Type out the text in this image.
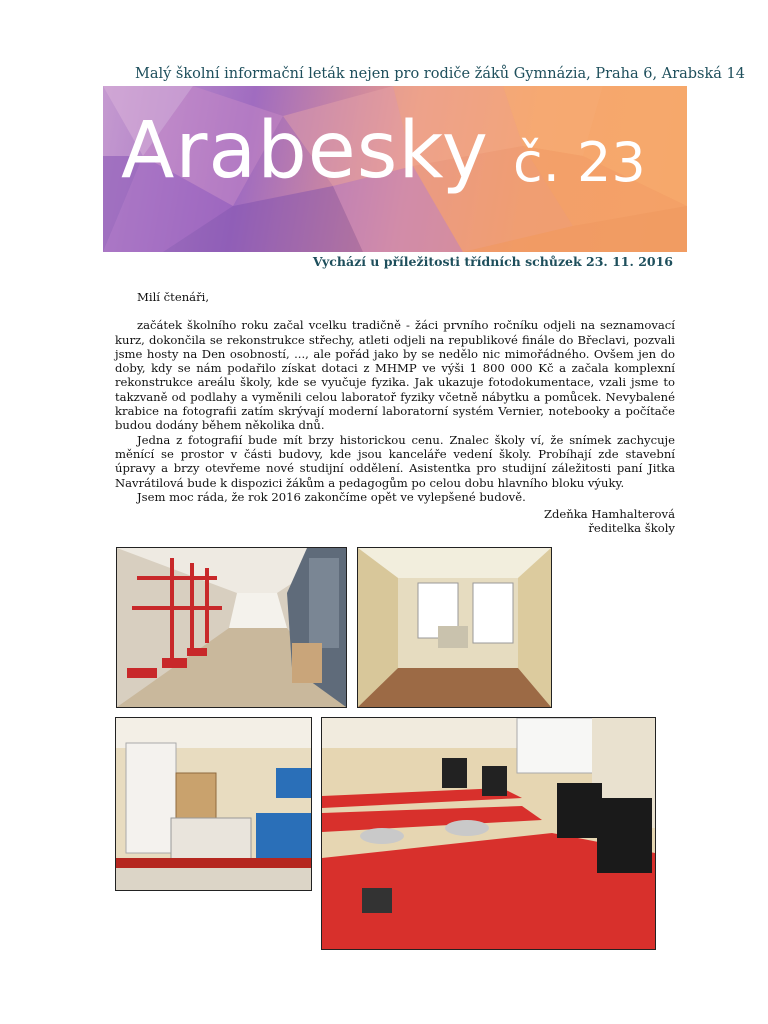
Malý školní informační leták nejen pro rodiče žáků Gymnázia, Praha 6, Arabská 14
Arabesky č. 23
Vychází u příležitosti třídních schůzek 23. 11. 2016

Milí čtenáři,

začátek školního roku začal vcelku tradičně - žáci prvního ročníku odjeli na seznamovací kurz, dokončila se rekonstrukce střechy, atleti odjeli na republikové finále do Břeclavi, pozvali jsme hosty na Den osobností, ..., ale pořád jako by se nedělo nic mimořádného. Ovšem jen do doby, kdy se nám podařilo získat dotaci z MHMP ve výši 1 800 000 Kč a začala komplexní rekonstrukce areálu školy, kde se vyučuje fyzika. Jak ukazuje fotodokumentace, vzali jsme to takzvaně od podlahy a vyměnili celou laboratoř fyziky včetně nábytku a pomůcek. Nevybalené krabice na fotografii zatím skrývají moderní laboratorní systém Vernier, notebooky a počítače budou dodány během několika dnů.

Jedna z fotografií bude mít brzy historickou cenu. Znalec školy ví, že snímek zachycuje měnící se prostor v části budovy, kde jsou kanceláře vedení školy. Probíhají zde stavební úpravy a brzy otevřeme nové studijní oddělení. Asistentka pro studijní záležitosti paní Jitka Navrátilová bude k dispozici žákům a pedagogům po celou dobu hlavního bloku výuky.

Jsem moc ráda, že rok 2016 zakončíme opět ve vylepšené budově.

Zdeňka Hamhalterová
ředitelka školy
